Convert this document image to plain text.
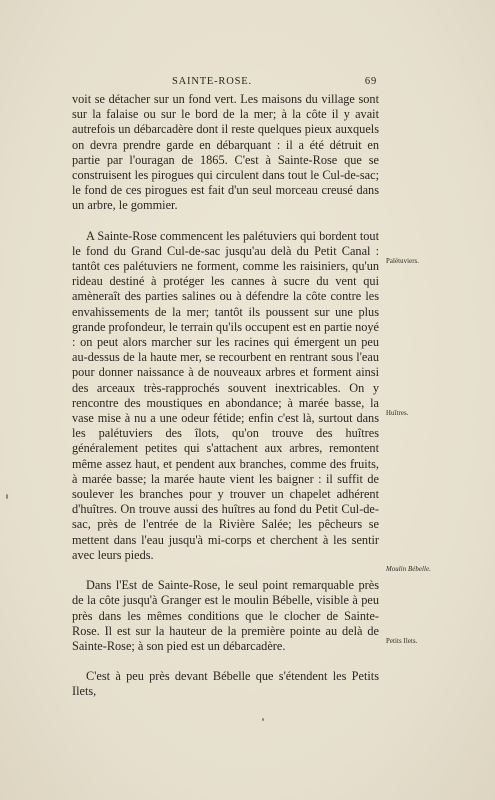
SAINTE-ROSE.	69

voit se détacher sur un fond vert. Les maisons du village sont sur la falaise ou sur le bord de la mer; à la côte il y avait autrefois un débarcadère dont il reste quelques pieux auxquels on devra prendre garde en débarquant : il a été détruit en partie par l'ouragan de 1865. C'est à Sainte-Rose que se construisent les pirogues qui circulent dans tout le Cul-de-sac; le fond de ces pirogues est fait d'un seul morceau creusé dans un arbre, le gommier.

A Sainte-Rose commencent les palétuviers qui bordent tout le fond du Grand Cul-de-sac jusqu'au delà du Petit Canal : tantôt ces palétuviers ne forment, comme les raisiniers, qu'un rideau destiné à protéger les cannes à sucre du vent qui amèneraît des parties salines ou à défendre la côte contre les envahissements de la mer; tantôt ils poussent sur une plus grande profondeur, le terrain qu'ils occupent est en partie noyé : on peut alors marcher sur les racines qui émergent un peu au-dessus de la haute mer, se recourbent en rentrant sous l'eau pour donner naissance à de nouveaux arbres et forment ainsi des arceaux très-rapprochés souvent inextricables. On y rencontre des moustiques en abondance; à marée basse, la vase mise à nu a une odeur fétide; enfin c'est là, surtout dans les palétuviers des îlots, qu'on trouve des huîtres généralement petites qui s'attachent aux arbres, remontent même assez haut, et pendent aux branches, comme des fruits, à marée basse; la marée haute vient les baigner : il suffit de soulever les branches pour y trouver un chapelet adhérent d'huîtres. On trouve aussi des huîtres au fond du Petit Cul-de-sac, près de l'entrée de la Rivière Salée; les pêcheurs se mettent dans l'eau jusqu'à mi-corps et cherchent à les sentir avec leurs pieds.

Dans l'Est de Sainte-Rose, le seul point remarquable près de la côte jusqu'à Granger est le moulin Bébelle, visible à peu près dans les mêmes conditions que le clocher de Sainte-Rose. Il est sur la hauteur de la première pointe au delà de Sainte-Rose; à son pied est un débarcadère.

C'est à peu près devant Bébelle que s'étendent les Petits Ilets,

Palétuviers.
Huîtres.
Moulin Bébelle.
Petits Ilets.
